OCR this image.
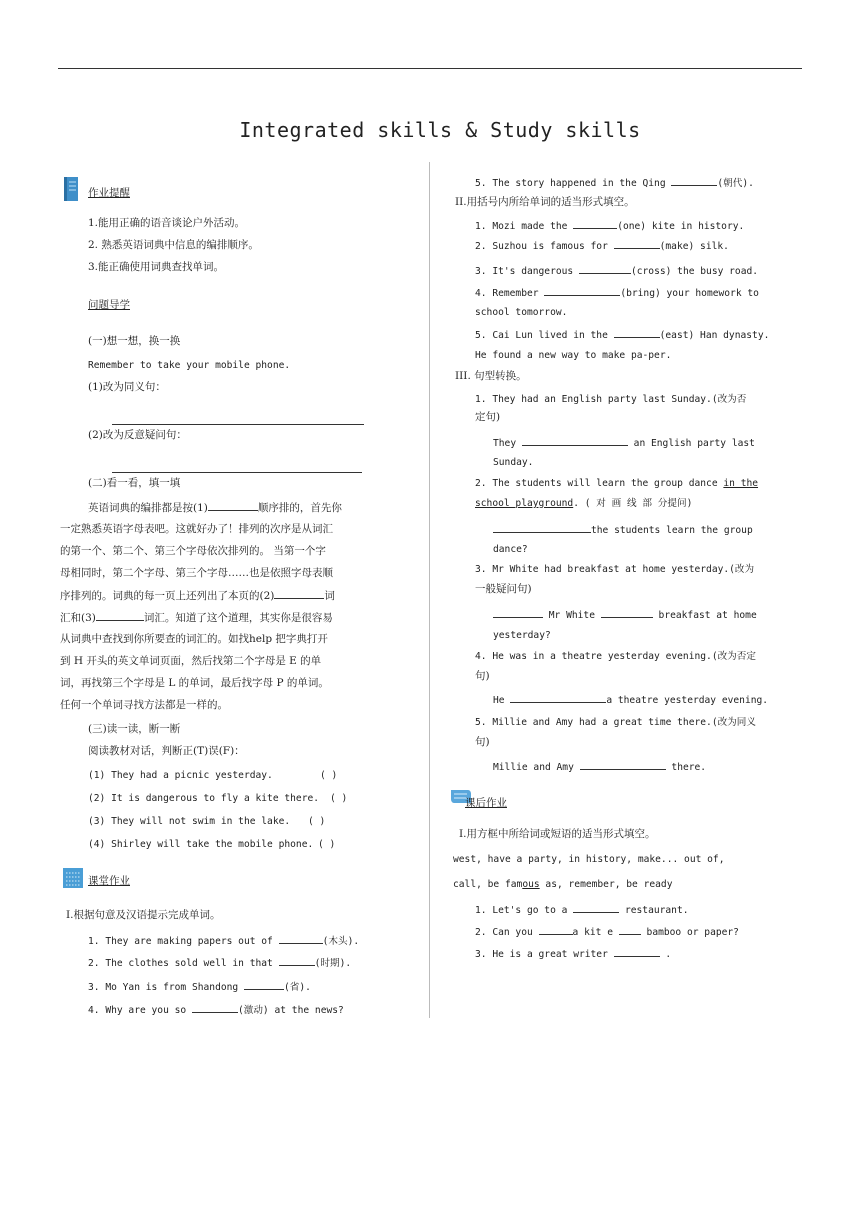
Integrated skills & Study skills
作业提醒
1.能用正确的语音谈论户外活动。
2. 熟悉英语词典中信息的编排顺序。
3.能正确使用词典查找单词。
问题导学
(一)想一想，换一换
Remember to take your mobile phone.
(1)改为同义句：
(2)改为反意疑问句：
(二)看一看，填一填
英语词典的编排都是按(1)	顺序排的，首先你
一定熟悉英语字母表吧。这就好办了！排列的次序是从词汇
的第一个、第二个、第三个字母依次排列的。 当第一个字
母相同时，第二个字母、第三个字母……也是依照字母表顺
序排列的。词典的每一页上还列出了本页的(2)	词
汇和(3)	词汇。知道了这个道理，其实你是很容易
从词典中查找到你所要查的词汇的。如找help 把字典打开
到 H 开头的英文单词页面，然后找第二个字母是 E 的单
词，再找第三个字母是 L 的单词，最后找字母 P 的单词。
任何一个单词寻找方法都是一样的。
(三)读一读，断一断
阅读教材对话，判断正(T)误(F)：
(1) They had a picnic yesterday.	( )
(2) It is dangerous to fly a kite there. ( )
(3) They will not swim in the lake. ( )
(4) Shirley will take the mobile phone. ( )
课堂作业
Ⅰ.根据句意及汉语提示完成单词。
1. They are making papers out of	(木头).
2. The clothes sold well in that	(时期).
3. Mo Yan is from Shandong	(省).
4. Why are you so	(激动) at the news?
5. The story happened in the Qing	(朝代).
II.用括号内所给单词的适当形式填空。
1. Mozi made the	(one) kite in history.
2. Suzhou is famous for	(make) silk.
3. It's dangerous	(cross) the busy road.
4. Remember	(bring) your homework to
school tomorrow.
5. Cai Lun lived in the	(east) Han dynasty.
He found a new way to make pa-per.
III. 句型转换。
1. They had an English party last Sunday.(改为否
定句)
They	an English party last
Sunday.
2. The students will learn the group dance in the
school playground. ( 对 画 线 部 分提问)
the students learn the group
dance?
3. Mr White had breakfast at home yesterday.(改为
一般疑问句)
Mr White	breakfast at home
yesterday?
4. He was in a theatre yesterday evening.(改为否定
句)
He	a theatre yesterday evening.
5. Millie and Amy had a great time there.(改为同义
句)
Millie and Amy	there.
课后作业
Ⅰ.用方框中所给词或短语的适当形式填空。
west, have a party, in history, make... out of,
call, be famous as, remember, be ready
1. Let's go to a	restaurant.
2. Can you	a kit e  bamboo or paper?
3. He is a great writer	.
